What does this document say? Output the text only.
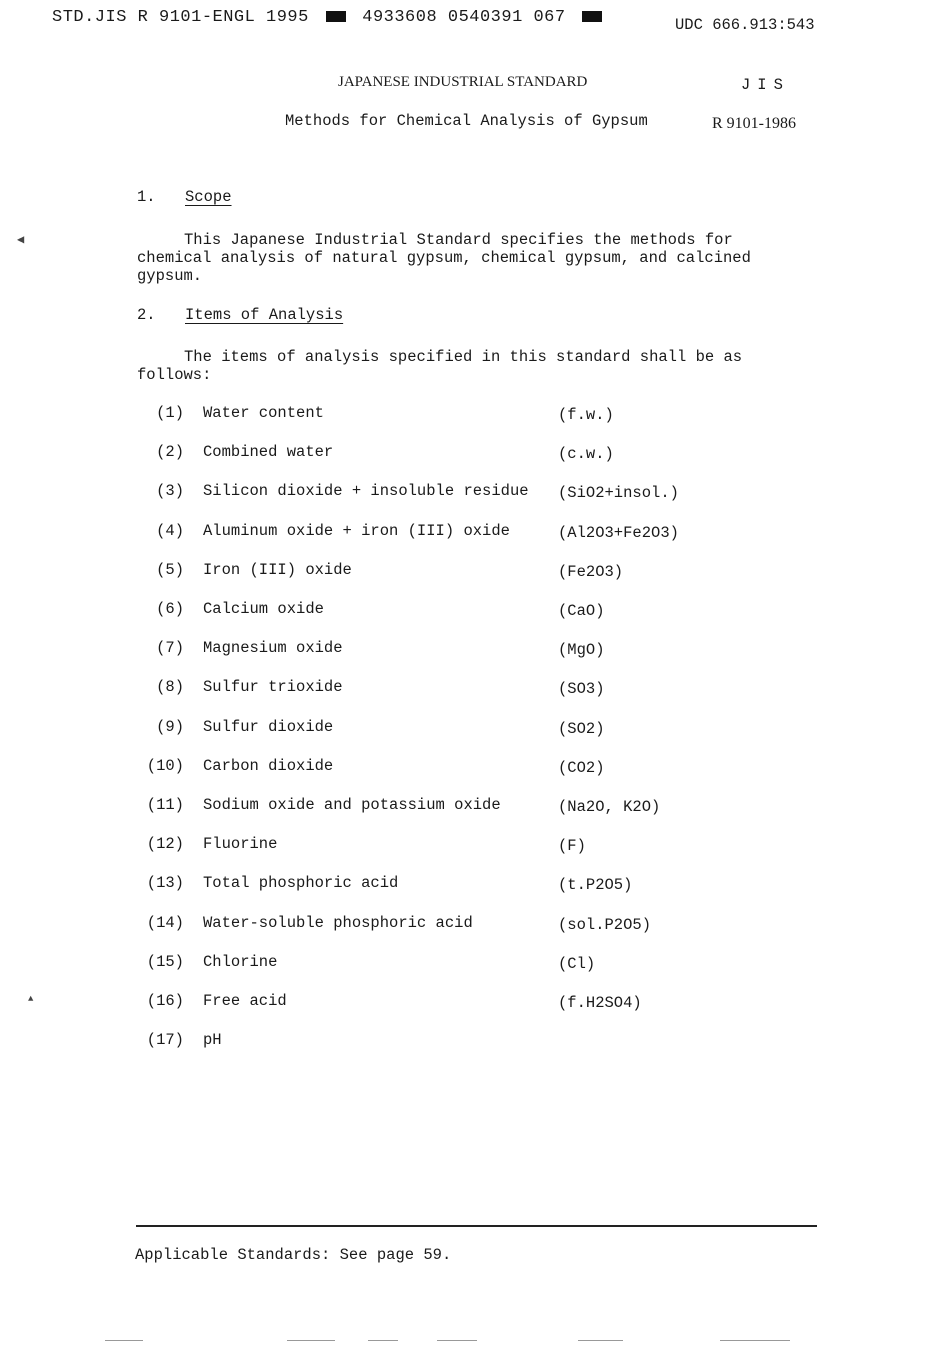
STD.JIS R 9101-ENGL 1995	4933608 0540391 067	UDC 666.913:543
JAPANESE INDUSTRIAL STANDARD	JIS
Methods for Chemical Analysis of Gypsum	R 9101-1986
1. Scope
This Japanese Industrial Standard specifies the methods for chemical analysis of natural gypsum, chemical gypsum, and calcined gypsum.
2. Items of Analysis
The items of analysis specified in this standard shall be as follows:
(1) Water content	(f.w.)
(2) Combined water	(c.w.)
(3) Silicon dioxide + insoluble residue (SiO2+insol.)
(4) Aluminum oxide + iron (III) oxide	(Al2O3+Fe2O3)
(5) Iron (III) oxide	(Fe2O3)
(6) Calcium oxide	(CaO)
(7) Magnesium oxide	(MgO)
(8) Sulfur trioxide	(SO3)
(9) Sulfur dioxide	(SO2)
(10) Carbon dioxide	(CO2)
(11) Sodium oxide and potassium oxide	(Na2O, K2O)
(12) Fluorine	(F)
(13) Total phosphoric acid	(t.P2O5)
(14) Water-soluble phosphoric acid	(sol.P2O5)
(15) Chlorine	(Cl)
(16) Free acid	(f.H2SO4)
(17) pH
Applicable Standards: See page 59.
◀
▲
